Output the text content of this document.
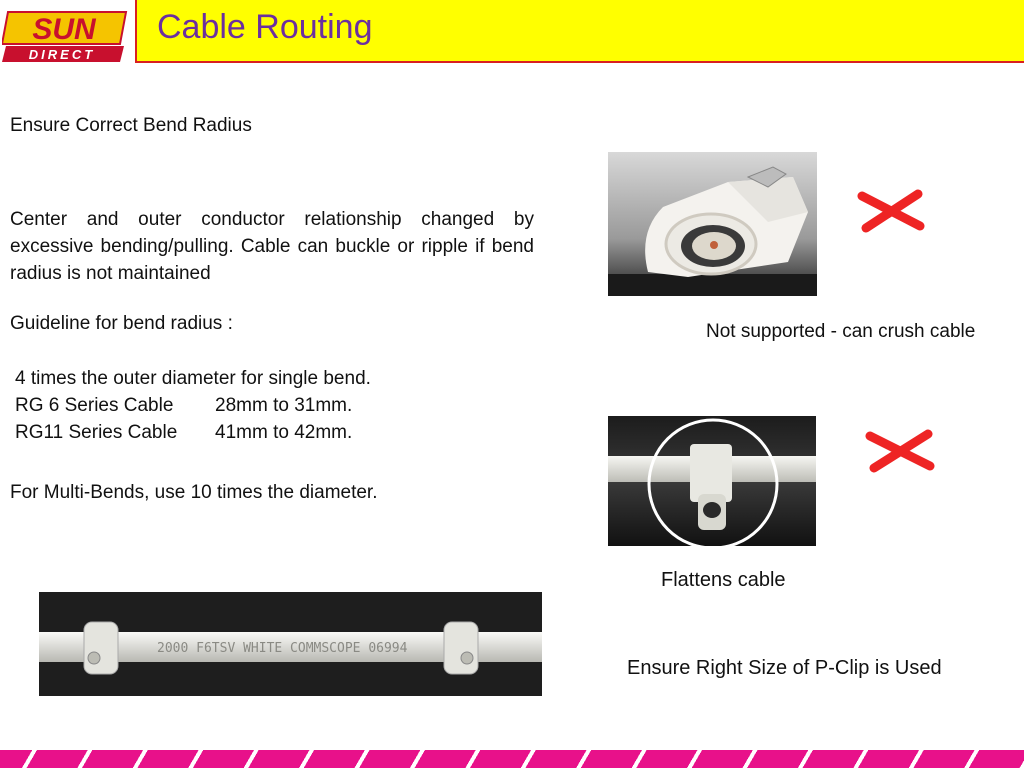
SUN
DIRECT
Cable Routing
Ensure Correct Bend Radius
Center and outer conductor relationship changed by excessive bending/pulling. Cable can buckle or ripple if bend radius is not maintained
Guideline for bend radius :
4 times the outer diameter for single bend.
RG 6 Series Cable 28mm to 31mm.
RG11 Series Cable 41mm to 42mm.
For Multi-Bends, use 10 times the diameter.
Not supported - can crush cable
Flattens cable
2000 F6TSV WHITE COMMSCOPE 06994
Ensure Right Size of P-Clip is Used
